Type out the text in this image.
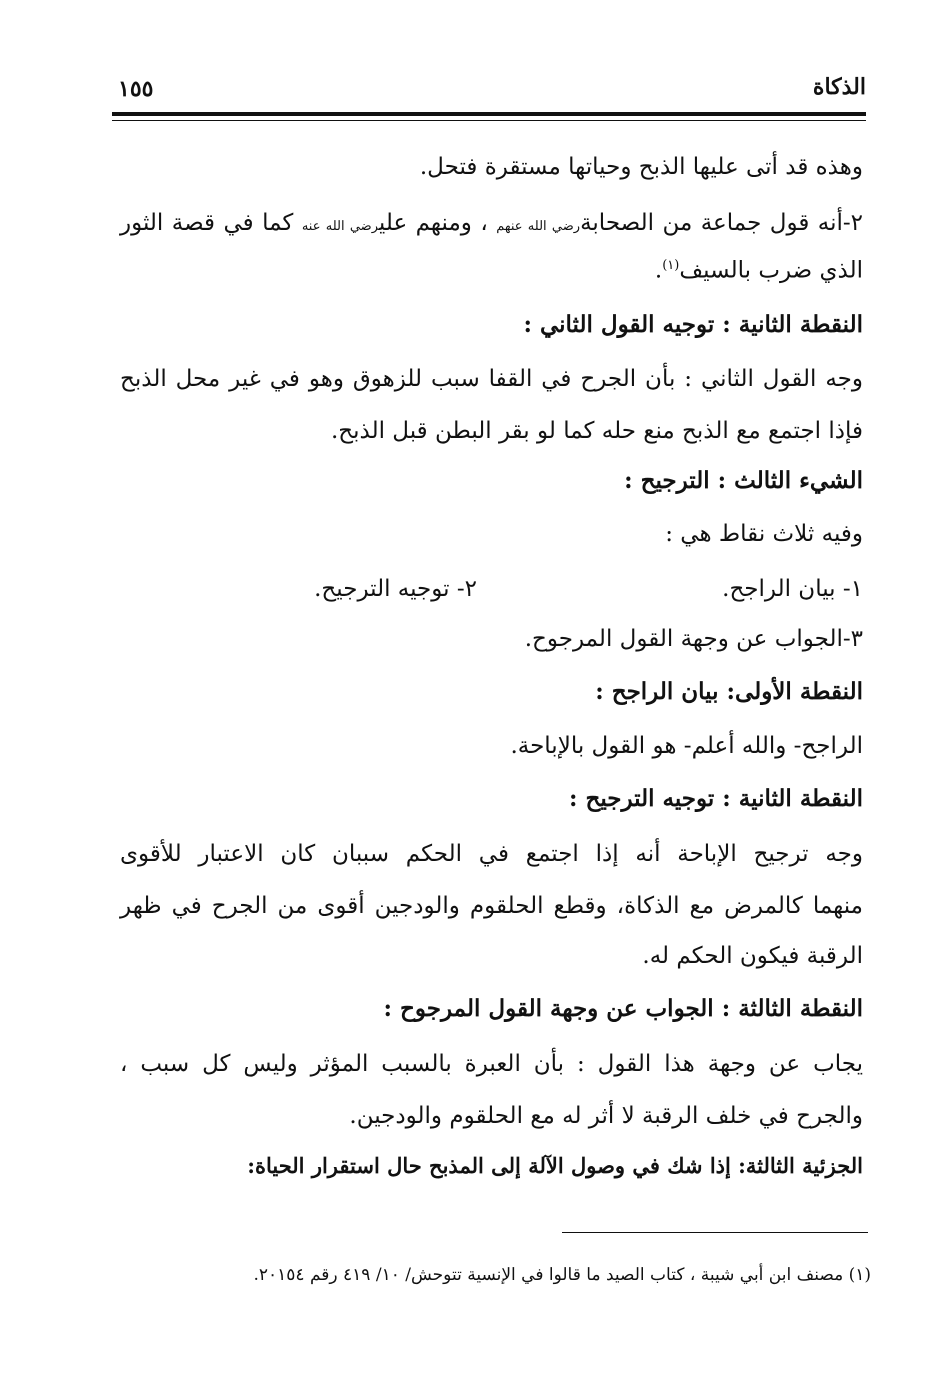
الذكاة
١٥٥
وهذه قد أتى عليها الذبح وحياتها مستقرة فتحل.
٢-أنه قول جماعة من الصحابةرضي الله عنهم ، ومنهم عليرضي الله عنه كما في قصة الثور
الذي ضرب بالسيف$^{(١)}$.
النقطة الثانية : توجيه القول الثاني :
وجه القول الثاني : بأن الجرح في القفا سبب للزهوق وهو في غير محل الذبح
فإذا اجتمع مع الذبح منع حله كما لو بقر البطن قبل الذبح.
الشيء الثالث : الترجيح :
وفيه ثلاث نقاط هي :
١- بيان الراجح.
٢- توجيه الترجيح.
٣-الجواب عن وجهة القول المرجوح.
النقطة الأولى: بيان الراجح :
الراجح- والله أعلم- هو القول بالإباحة.
النقطة الثانية : توجيه الترجيح :
وجه ترجيح الإباحة أنه إذا اجتمع في الحكم سببان كان الاعتبار للأقوى
منهما كالمرض مع الذكاة، وقطع الحلقوم والودجين أقوى من الجرح في ظهر
الرقبة فيكون الحكم له.
النقطة الثالثة : الجواب عن وجهة القول المرجوح :
يجاب عن وجهة هذا القول : بأن العبرة بالسبب المؤثر وليس كل سبب ،
والجرح في خلف الرقبة لا أثر له مع الحلقوم والودجين.
الجزئية الثالثة: إذا شك في وصول الآلة إلى المذبح حال استقرار الحياة:
(١) مصنف ابن أبي شيبة ، كتاب الصيد ما قالوا في الإنسية تتوحش/ ١٠/ ٤١٩ رقم ٢٠١٥٤.
